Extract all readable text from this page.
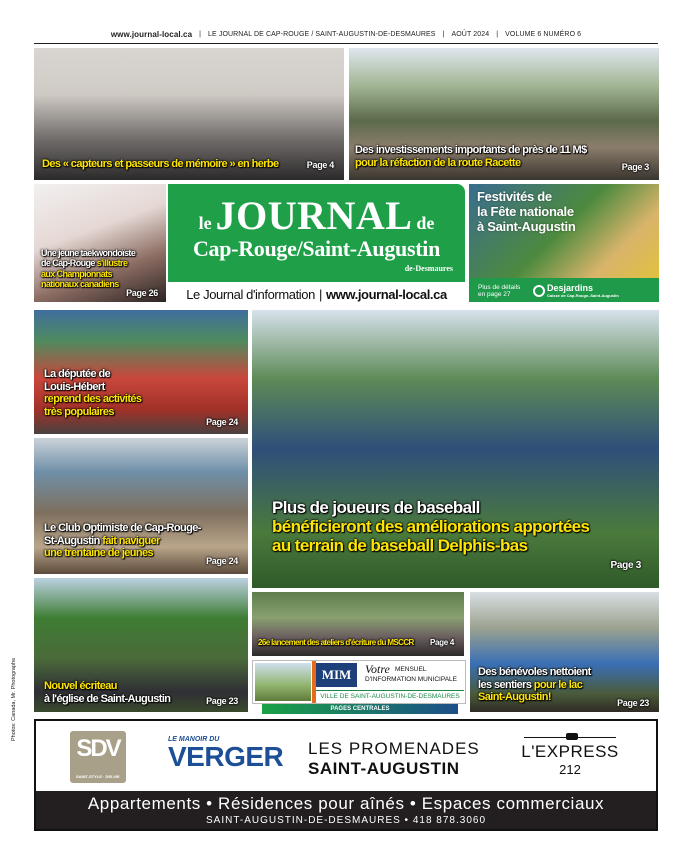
www.journal-local.ca | LE JOURNAL DE CAP-ROUGE / SAINT-AUGUSTIN-DE-DESMAURES | AOÛT 2024 | VOLUME 6 NUMÉRO 6
Des « capteurs et passeurs de mémoire » en herbe	Page 4
Des investissements importants de près de 11 M$
pour la réfaction de la route Racette	Page 3
Une jeune taekwondoïste
de Cap-Rouge s'illustre
aux Championnats
nationaux canadiens
Page 26
le JOURNAL de
Cap-Rouge/Saint-Augustin
de-Desmaures
Le Journal d'information | www.journal-local.ca
Festivités de
la Fête nationale
à Saint-Augustin
Plus de détails
en page 27
Desjardins
Caisse de Cap-Rouge–Saint-Augustin
La députée de
Louis-Hébert
reprend des activités
très populaires
Page 24
Le Club Optimiste de Cap-Rouge-
St-Augustin fait naviguer
une trentaine de jeunes
Page 24
Plus de joueurs de baseball
bénéficieront des améliorations apportées
au terrain de baseball Delphis-bas
Page 3
Nouvel écriteau
à l'église de Saint-Augustin	Page 23
26e lancement des ateliers d'écriture du MSCCR Page 4
MIM	Votre MENSUEL
D'INFORMATION MUNICIPALE
VILLE DE SAINT-AUGUSTIN-DE-DESMAURES
PAGES CENTRALES
Des bénévoles nettoient
les sentiers pour le lac
Saint-Augustin!	Page 23
Photos: Canada, Mr. Photographe
SDV
SAINT-STYLE · DELVIE
LE MANOIR DU
VERGER LES PROMENADES
SAINT-AUGUSTIN
L'EXPRESS
212
Appartements • Résidences pour aînés • Espaces commerciaux
SAINT-AUGUSTIN-DE-DESMAURES • 418 878.3060
